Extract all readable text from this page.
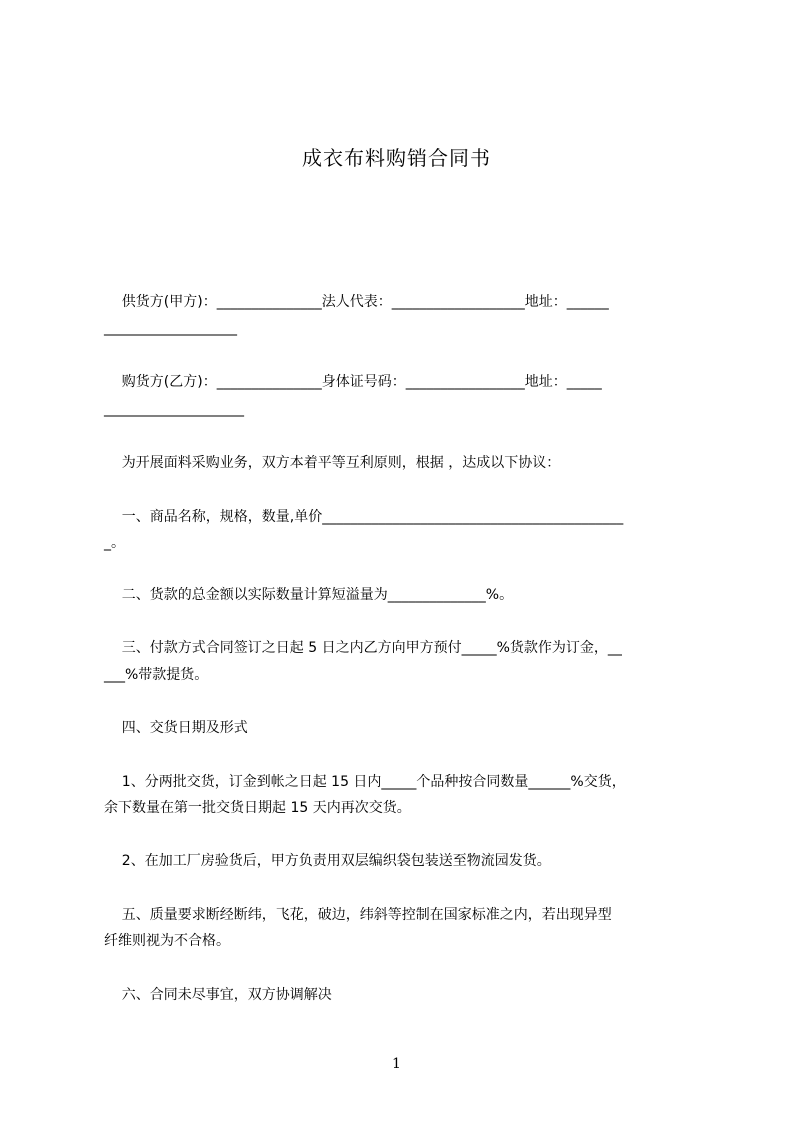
成衣布料购销合同书
供货方(甲方)：_______________法人代表：___________________地址：______
___________________
购货方(乙方)：_______________身体证号码：_________________地址：_____
____________________
为开展面料采购业务，双方本着平等互利原则，根据 ，达成以下协议：
一、商品名称，规格，数量,单价___________________________________________
_。
二、货款的总金额以实际数量计算短溢量为______________%。
三、付款方式合同签订之日起 5 日之内乙方向甲方预付_____%货款作为订金，__
___%带款提货。
四、交货日期及形式
1、分两批交货，订金到帐之日起 15 日内_____个品种按合同数量______%交货，
余下数量在第一批交货日期起 15 天内再次交货。
2、在加工厂房验货后，甲方负责用双层编织袋包装送至物流园发货。
五、质量要求断经断纬，飞花，破边，纬斜等控制在国家标准之内，若出现异型
纤维则视为不合格。
六、合同未尽事宜，双方协调解决
1
